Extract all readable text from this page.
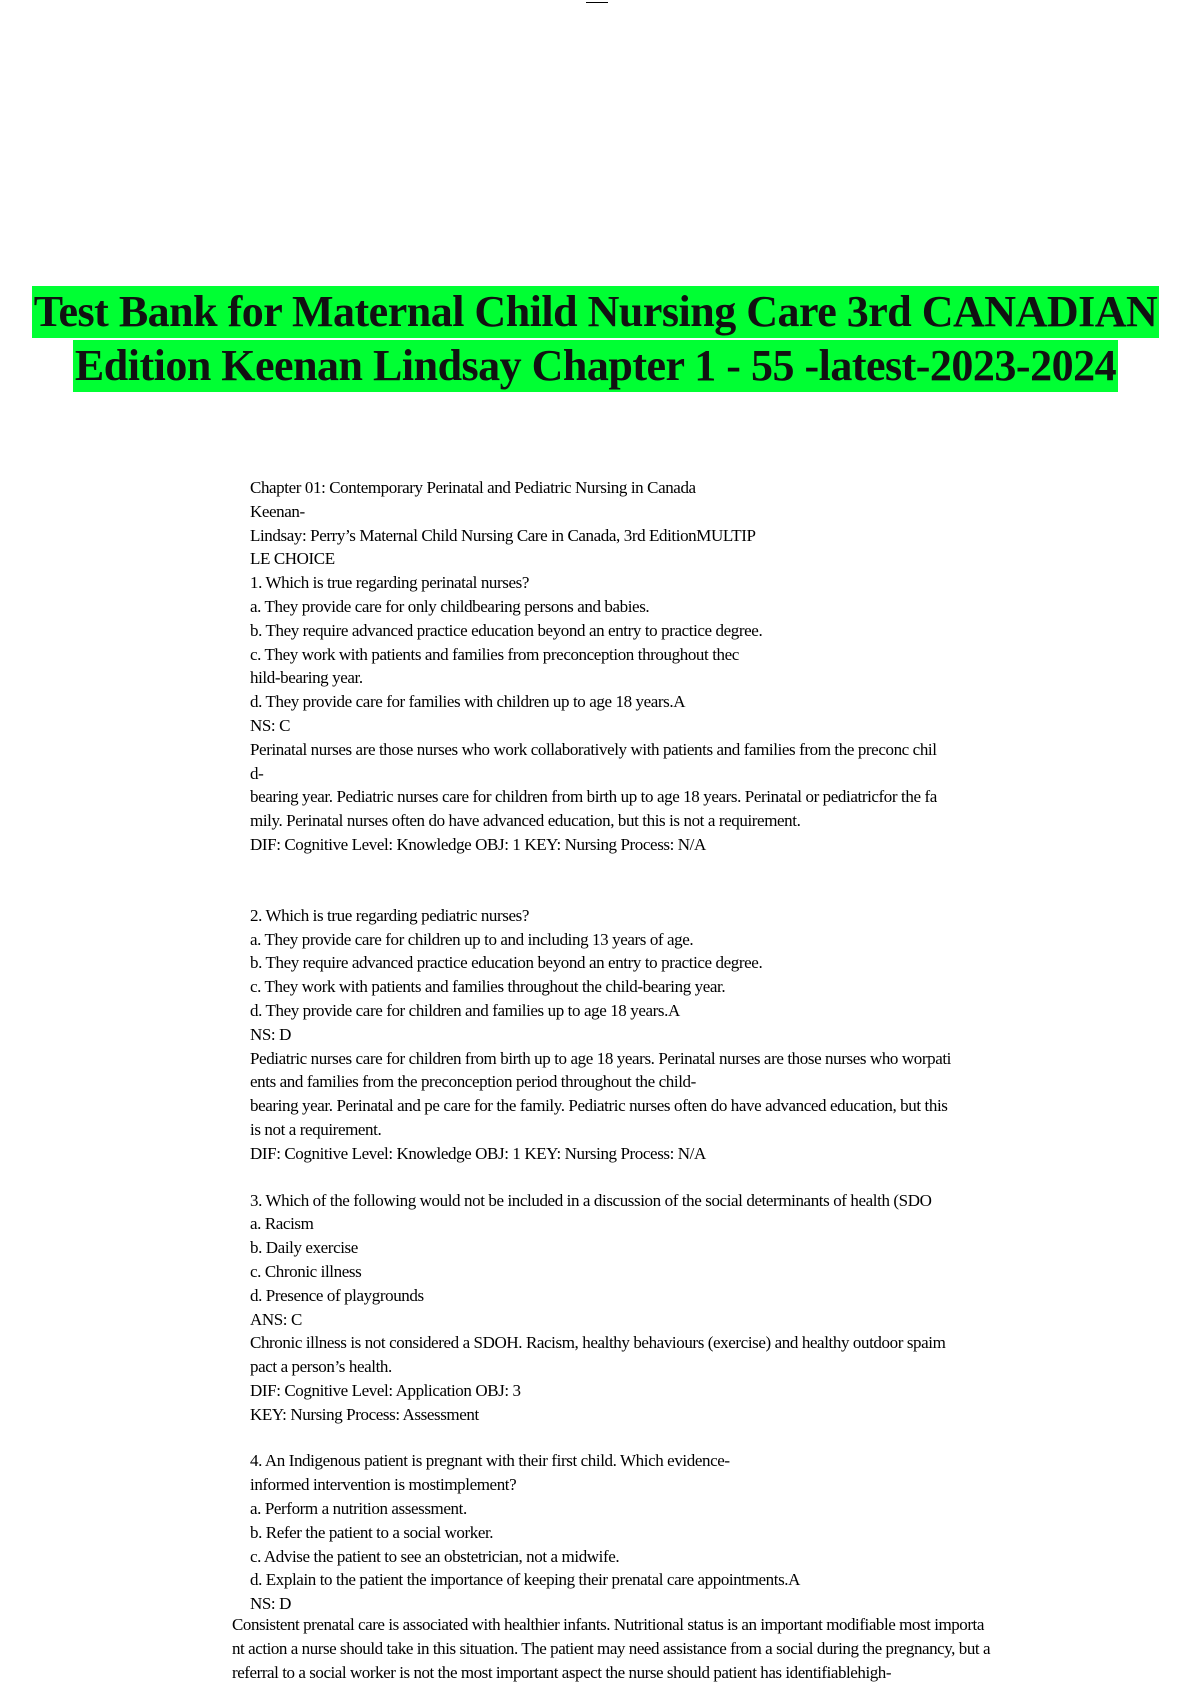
Test Bank for Maternal Child Nursing Care 3rd CANADIAN
Edition Keenan Lindsay Chapter 1 - 55 -latest-2023-2024
Chapter 01: Contemporary Perinatal and Pediatric Nursing in Canada
Keenan-
Lindsay: Perry’s Maternal Child Nursing Care in Canada, 3rd EditionMULTIP
LE CHOICE
1. Which is true regarding perinatal nurses?
a. They provide care for only childbearing persons and babies.
b. They require advanced practice education beyond an entry to practice degree.
c. They work with patients and families from preconception throughout thec
hild-bearing year.
d. They provide care for families with children up to age 18 years.A
NS: C
Perinatal nurses are those nurses who work collaboratively with patients and families from the preconc chil
d-
bearing year. Pediatric nurses care for children from birth up to age 18 years. Perinatal or pediatricfor the fa
mily. Perinatal nurses often do have advanced education, but this is not a requirement.
DIF: Cognitive Level: Knowledge OBJ: 1 KEY: Nursing Process: N/A
2. Which is true regarding pediatric nurses?
a. They provide care for children up to and including 13 years of age.
b. They require advanced practice education beyond an entry to practice degree.
c. They work with patients and families throughout the child-bearing year.
d. They provide care for children and families up to age 18 years.A
NS: D
Pediatric nurses care for children from birth up to age 18 years. Perinatal nurses are those nurses who worpati
ents and families from the preconception period throughout the child-
bearing year. Perinatal and pe care for the family. Pediatric nurses often do have advanced education, but this
is not a requirement.
DIF: Cognitive Level: Knowledge OBJ: 1 KEY: Nursing Process: N/A
3. Which of the following would not be included in a discussion of the social determinants of health (SDO
a. Racism
b. Daily exercise
c. Chronic illness
d. Presence of playgrounds
ANS: C
Chronic illness is not considered a SDOH. Racism, healthy behaviours (exercise) and healthy outdoor spaim
pact a person’s health.
DIF: Cognitive Level: Application OBJ: 3
KEY: Nursing Process: Assessment
4. An Indigenous patient is pregnant with their first child. Which evidence-
informed intervention is mostimplement?
a. Perform a nutrition assessment.
b. Refer the patient to a social worker.
c. Advise the patient to see an obstetrician, not a midwife.
d. Explain to the patient the importance of keeping their prenatal care appointments.A
NS: D
Consistent prenatal care is associated with healthier infants. Nutritional status is an important modifiable most importa
nt action a nurse should take in this situation. The patient may need assistance from a social during the pregnancy, but a
referral to a social worker is not the most important aspect the nurse should patient has identifiablehigh-
